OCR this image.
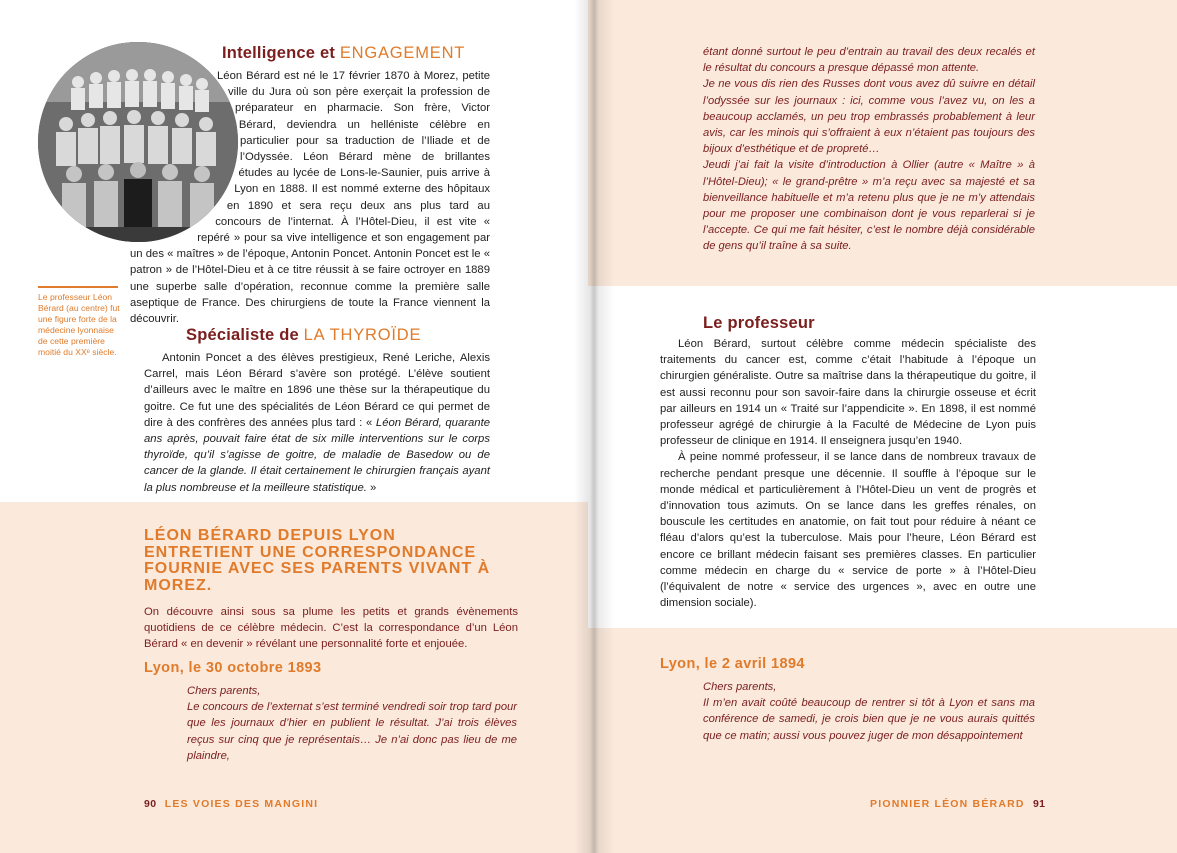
Intelligence et ENGAGEMENT

Léon Bérard est né le 17 février 1870 à Morez, petite ville du Jura où son père exerçait la profession de préparateur en pharmacie. Son frère, Victor Bérard, deviendra un helléniste célèbre en particulier pour sa traduction de l’Iliade et de l’Odyssée. Léon Bérard mène de brillantes études au lycée de Lons-le-Saunier, puis arrive à Lyon en 1888. Il est nommé externe des hôpitaux en 1890 et sera reçu deux ans plus tard au concours de l’internat. À l’Hôtel-Dieu, il est vite « repéré » pour sa vive intelligence et son engagement par un des « maîtres » de l’époque, Antonin Poncet. Antonin Poncet est le « patron » de l’Hôtel-Dieu et à ce titre réussit à se faire octroyer en 1889 une superbe salle d’opération, reconnue comme la première salle aseptique de France. Des chirurgiens de toute la France viennent la découvrir.

Le professeur Léon Bérard (au centre) fut une figure forte de la médecine lyonnaise de cette première moitié du XXᵉ siècle.
Spécialiste de LA THYROÏDE

Antonin Poncet a des élèves prestigieux, René Leriche, Alexis Carrel, mais Léon Bérard s’avère son protégé. L’élève soutient d’ailleurs avec le maître en 1896 une thèse sur la thérapeutique du goitre. Ce fut une des spécialités de Léon Bérard ce qui permet de dire à des confrères des années plus tard : « Léon Bérard, quarante ans après, pouvait faire état de six mille interventions sur le corps thyroïde, qu’il s’agisse de goitre, de maladie de Basedow ou de cancer de la glande. Il était certainement le chirurgien français ayant la plus nombreuse et la meilleure statistique. »

LÉON BÉRARD DEPUIS LYON ENTRETIENT UNE CORRESPONDANCE FOURNIE AVEC SES PARENTS VIVANT À MOREZ.
On découvre ainsi sous sa plume les petits et grands évènements quotidiens de ce célèbre médecin. C’est la correspondance d’un Léon Bérard « en devenir » révélant une personnalité forte et enjouée.
Lyon, le 30 octobre 1893
Chers parents,
Le concours de l’externat s’est terminé vendredi soir trop tard pour que les journaux d’hier en publient le résultat. J’ai trois élèves reçus sur cinq que je représentais… Je n’ai donc pas lieu de me plaindre,
90 LES VOIES DES MANGINI
étant donné surtout le peu d’entrain au travail des deux recalés et le résultat du concours a presque dépassé mon attente.
Je ne vous dis rien des Russes dont vous avez dû suivre en détail l’odyssée sur les journaux : ici, comme vous l’avez vu, on les a beaucoup acclamés, un peu trop embrassés probablement à leur avis, car les minois qui s’offraient à eux n’étaient pas toujours des bijoux d’esthétique et de propreté…
Jeudi j’ai fait la visite d’introduction à Ollier (autre « Maître » à l’Hôtel-Dieu); « le grand-prêtre » m’a reçu avec sa majesté et sa bienveillance habituelle et m’a retenu plus que je ne m’y attendais pour me proposer une combinaison dont je vous reparlerai si je l’accepte. Ce qui me fait hésiter, c’est le nombre déjà considérable de gens qu’il traîne à sa suite.
Le professeur

Léon Bérard, surtout célèbre comme médecin spécialiste des traitements du cancer est, comme c’était l’habitude à l’époque un chirurgien généraliste. Outre sa maîtrise dans la thérapeutique du goitre, il est aussi reconnu pour son savoir-faire dans la chirurgie osseuse et écrit par ailleurs en 1914 un « Traité sur l’appendicite ». En 1898, il est nommé professeur agrégé de chirurgie à la Faculté de Médecine de Lyon puis professeur de clinique en 1914. Il enseignera jusqu’en 1940.

À peine nommé professeur, il se lance dans de nombreux travaux de recherche pendant presque une décennie. Il souffle à l’époque sur le monde médical et particulièrement à l’Hôtel-Dieu un vent de progrès et d’innovation tous azimuts. On se lance dans les greffes rénales, on bouscule les certitudes en anatomie, on fait tout pour réduire à néant ce fléau d’alors qu’est la tuberculose. Mais pour l’heure, Léon Bérard est encore ce brillant médecin faisant ses premières classes. En particulier comme médecin en charge du « service de porte » à l’Hôtel-Dieu (l’équivalent de notre « service des urgences », avec en outre une dimension sociale).

Lyon, le 2 avril 1894
Chers parents,
Il m’en avait coûté beaucoup de rentrer si tôt à Lyon et sans ma conférence de samedi, je crois bien que je ne vous aurais quittés que ce matin; aussi vous pouvez juger de mon désappointement
PIONNIER LÉON BÉRARD 91
